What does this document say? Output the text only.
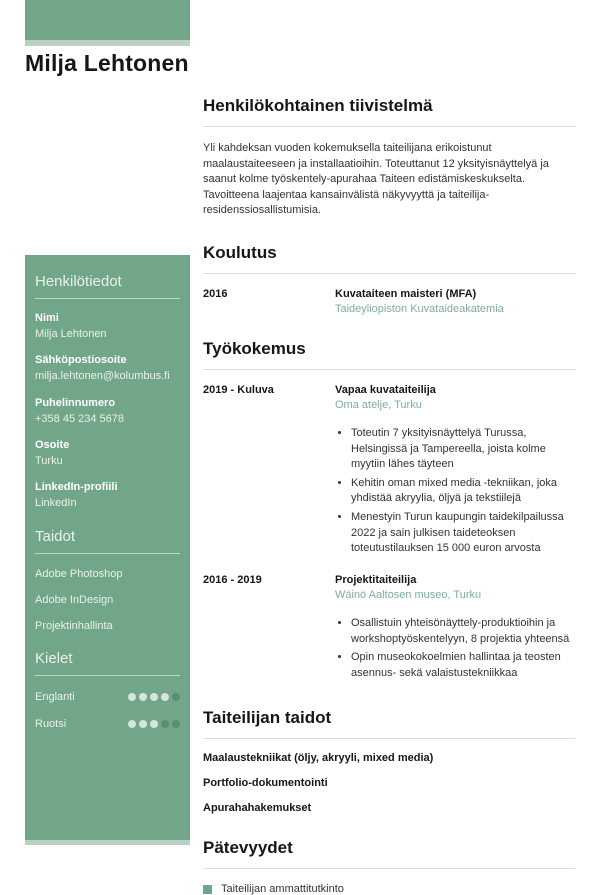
Milja Lehtonen
Henkilötiedot
Nimi
Milja Lehtonen
Sähköpostiosoite
milja.lehtonen@kolumbus.fi
Puhelinnumero
+358 45 234 5678
Osoite
Turku
LinkedIn-profiili
LinkedIn
Taidot
Adobe Photoshop
Adobe InDesign
Projektinhallinta
Kielet
Englanti
Ruotsi
Henkilökohtainen tiivistelmä

Yli kahdeksan vuoden kokemuksella taiteilijana erikoistunut maalaustaiteeseen ja installaatioihin. Toteuttanut 12 yksityisnäyttelyä ja saanut kolme työskentely-apurahaa Taiteen edistämiskeskukselta. Tavoitteena laajentaa kansainvälistä näkyvyyttä ja taiteilija-residenssiosallistumisia.

Koulutus
2016	Kuvataiteen maisteri (MFA)
Taideyliopiston Kuvataideakatemia
Työkokemus
2019 - Kuluva	Vapaa kuvataiteilija
Oma atelje, Turku
• Toteutin 7 yksityisnäyttelyä Turussa, Helsingissä ja Tampereella, joista kolme myytiin lähes täyteen
• Kehitin oman mixed media -tekniikan, joka yhdistää akryylia, öljyä ja tekstiilejä
• Menestyin Turun kaupungin taidekilpailussa 2022 ja sain julkisen taideteoksen toteutustilauksen 15 000 euron arvosta
2016 - 2019	Projektitaiteilija
Wäinö Aaltosen museo, Turku
• Osallistuin yhteisönäyttely-produktioihin ja workshoptyöskentelyyn, 8 projektia yhteensä
• Opin museokokoelmien hallintaa ja teosten asennus- sekä valaistustekniikkaa
Taiteilijan taidot
Maalaustekniikat (öljy, akryyli, mixed media)
Portfolio-dokumentointi
Apurahahakemukset
Pätevyydet
Taiteilijan ammattitutkinto
